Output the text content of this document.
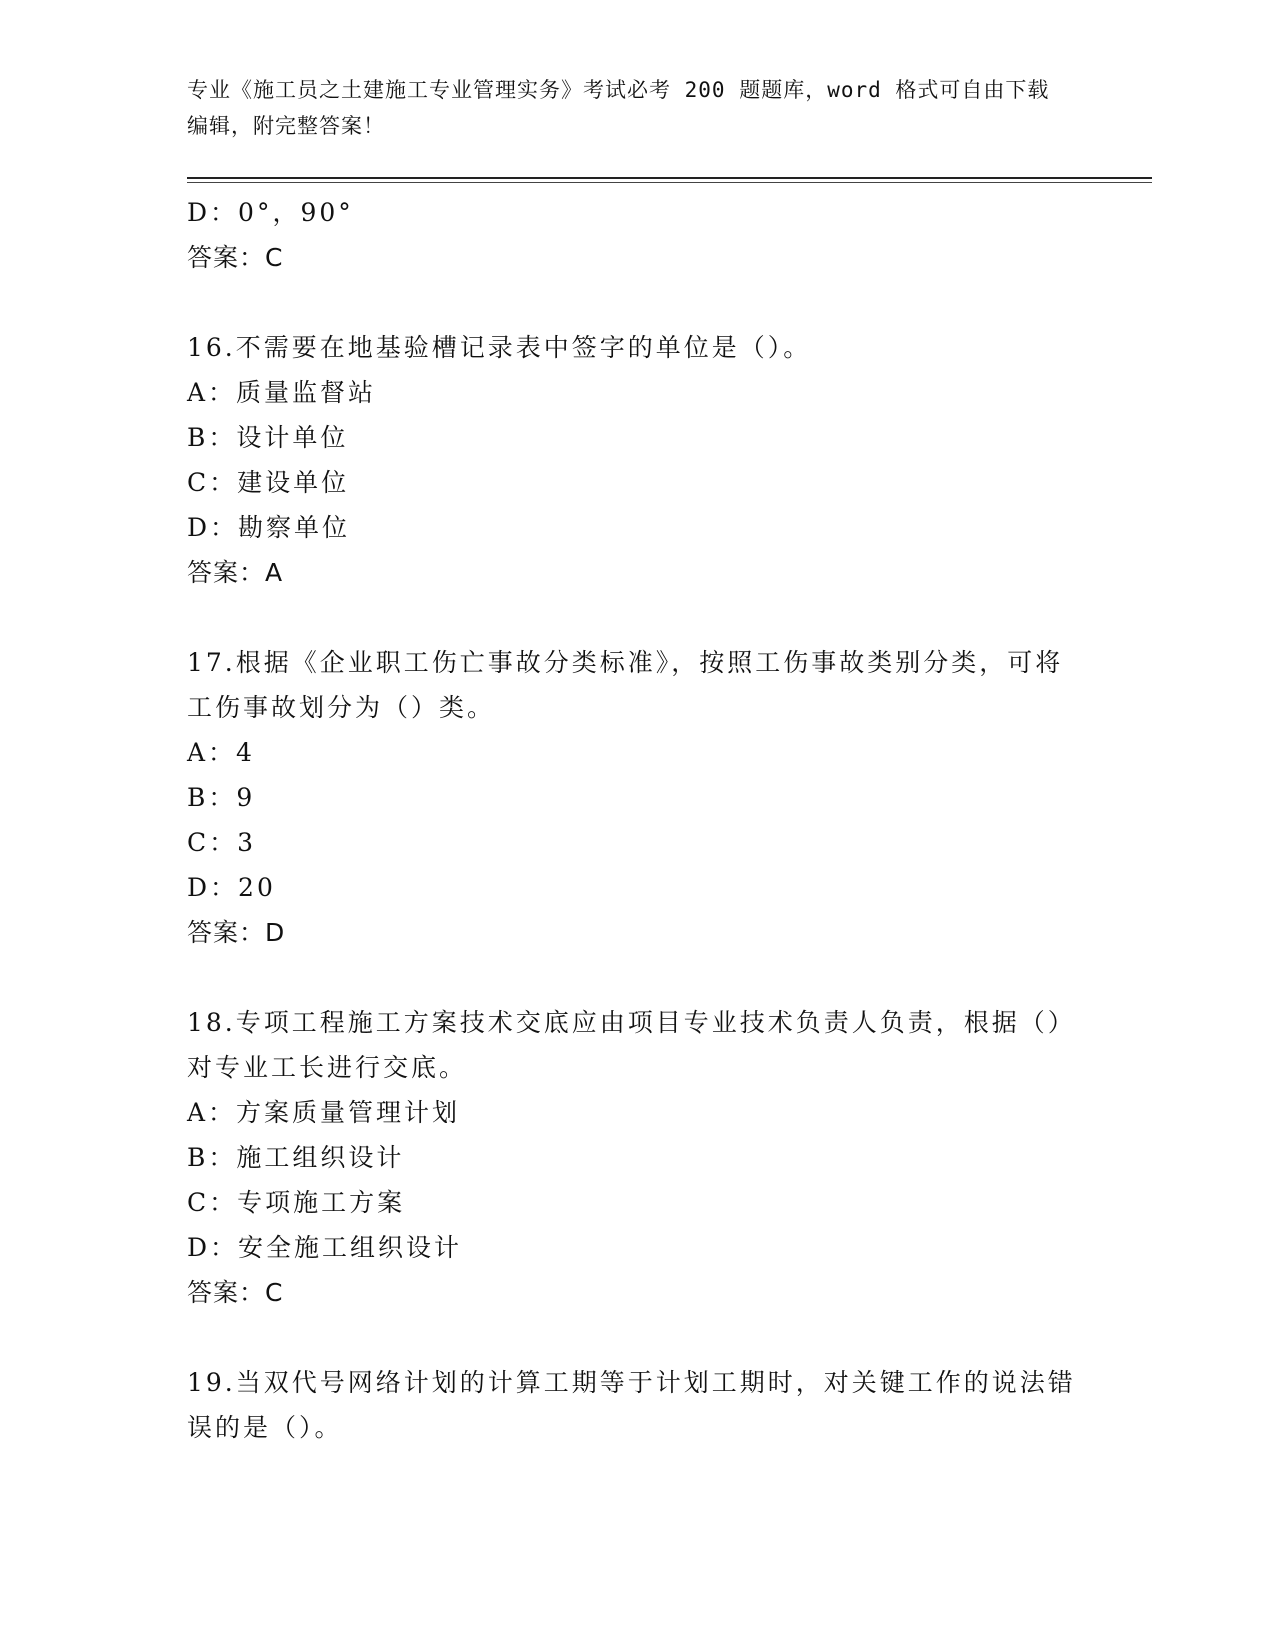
专业《施工员之土建施工专业管理实务》考试必考 200 题题库，word 格式可自由下载编辑，附完整答案！

D：0°，90°

答案：C

16.不需要在地基验槽记录表中签字的单位是（）。

A：质量监督站

B：设计单位

C：建设单位

D：勘察单位

答案：A

17.根据《企业职工伤亡事故分类标准》，按照工伤事故类别分类，可将工伤事故划分为（）类。

A：4

B：9

C：3

D：20

答案：D

18.专项工程施工方案技术交底应由项目专业技术负责人负责，根据（）对专业工长进行交底。

A：方案质量管理计划

B：施工组织设计

C：专项施工方案

D：安全施工组织设计

答案：C

19.当双代号网络计划的计算工期等于计划工期时，对关键工作的说法错误的是（）。
